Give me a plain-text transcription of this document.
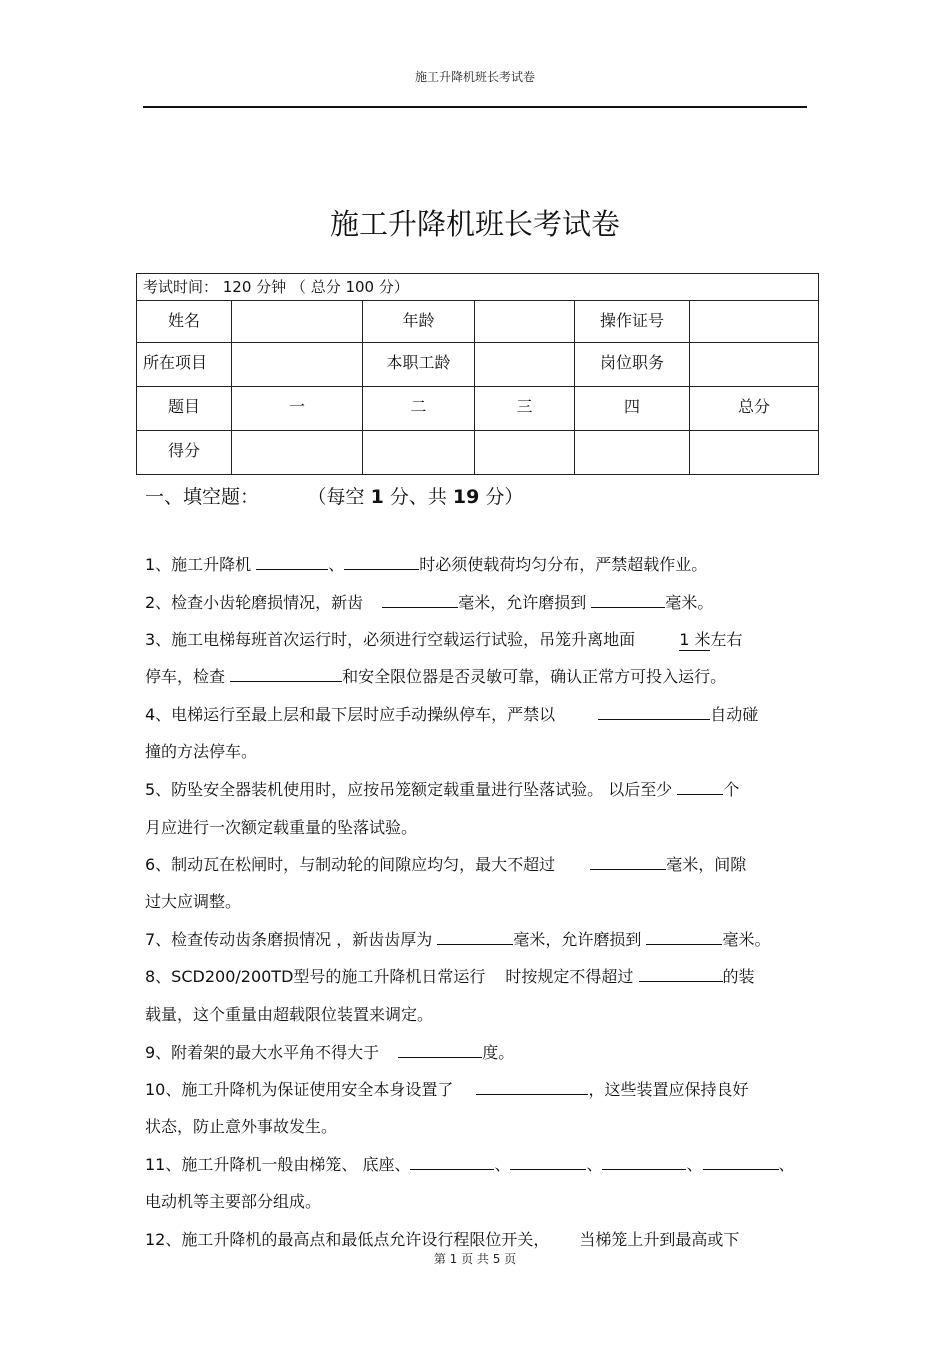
施工升降机班长考试卷
施工升降机班长考试卷
考试时间： 120 分钟 （ 总分 100 分）					
姓名		年龄		操作证号	
所在项目		本职工龄		岗位职务	
题目	一	二	三	四	总分
得分					
一、填空题：	（每空 1 分、共 19 分）
1、施工升降机	、	时必须使载荷均匀分布，严禁超载作业。
2、检查小齿轮磨损情况，新齿	毫米，允许磨损到	毫米。
3、施工电梯每班首次运行时，必须进行空载运行试验，吊笼升离地面	1 米左右
停车，检查	和安全限位器是否灵敏可靠，确认正常方可投入运行。
4、电梯运行至最上层和最下层时应手动操纵停车，严禁以	自动碰
撞的方法停车。
5、防坠安全器装机使用时，应按吊笼额定载重量进行坠落试验。 以后至少	个
月应进行一次额定载重量的坠落试验。
6、制动瓦在松闸时，与制动轮的间隙应均匀，最大不超过	毫米，间隙
过大应调整。
7、检查传动齿条磨损情况 ，新齿齿厚为	毫米，允许磨损到	毫米。
8、SCD200/200TD型号的施工升降机日常运行 时按规定不得超过	的装
载量，这个重量由超载限位装置来调定。
9、附着架的最大水平角不得大于	度。
10、施工升降机为保证使用安全本身设置了	，这些装置应保持良好
状态，防止意外事故发生。
11、施工升降机一般由梯笼、 底座、	、	、	、	、
电动机等主要部分组成。
12、施工升降机的最高点和最低点允许设行程限位开关， 当梯笼上升到最高或下
第 1 页 共 5 页
